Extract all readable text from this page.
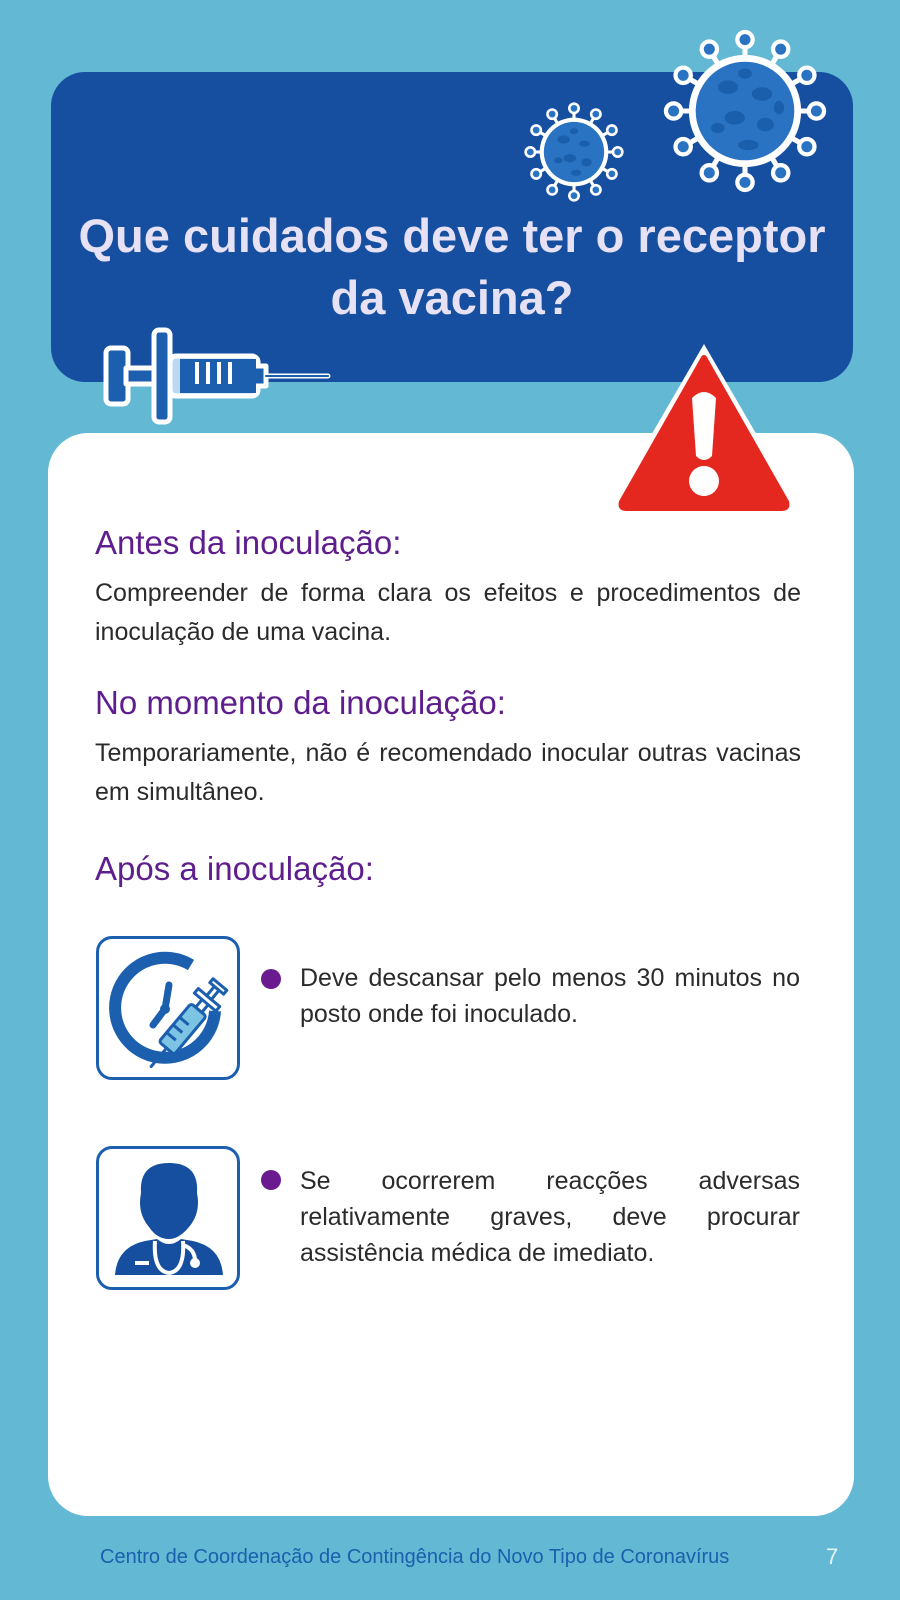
Que cuidados deve ter o receptor da vacina?
Antes da inoculação:
Compreender de forma clara os efeitos e procedimentos de inoculação de uma vacina.
No momento da inoculação:
Temporariamente, não é recomendado inocular outras vacinas em simultâneo.
Após a inoculação:
Deve descansar pelo menos 30 minutos no posto onde foi inoculado.
Se ocorrerem reacções adversas relativamente graves, deve procurar assistência médica de imediato.
Centro de Coordenação de Contingência do Novo Tipo de Coronavírus	7
